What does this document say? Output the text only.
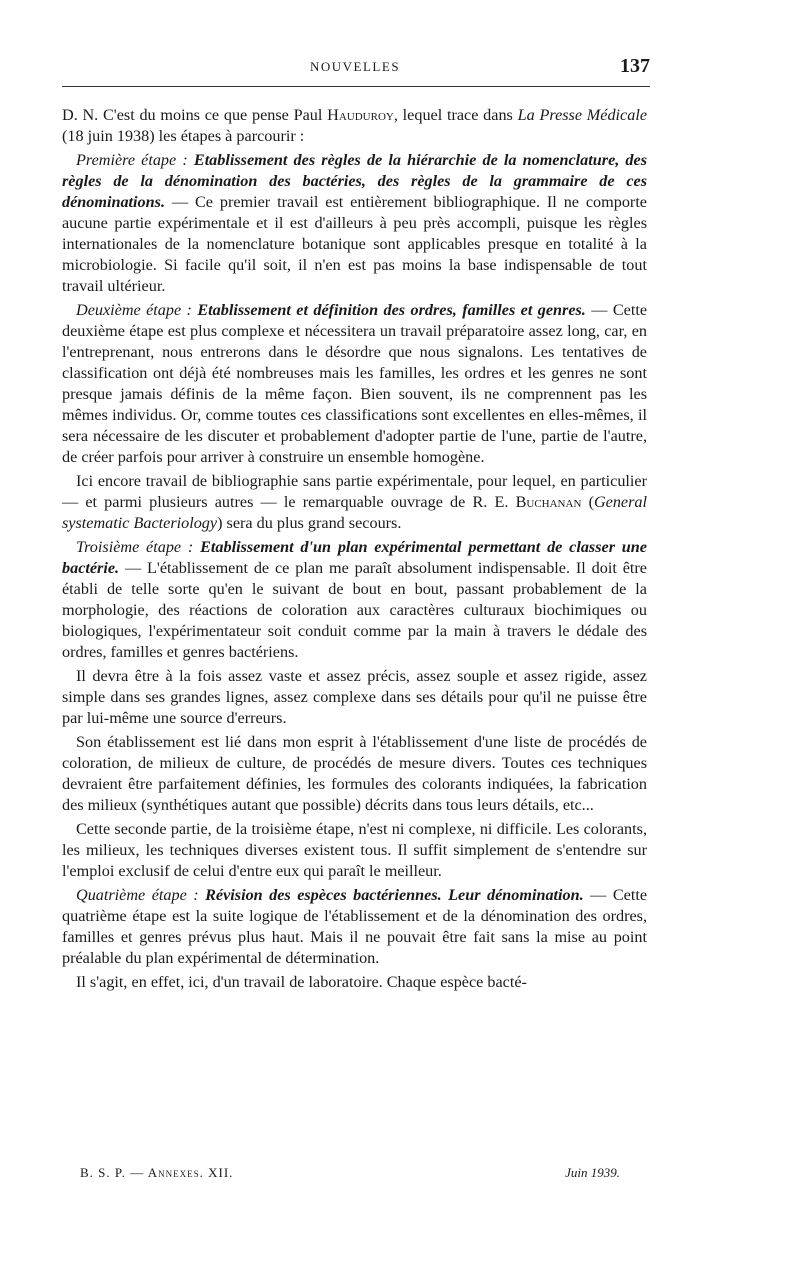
NOUVELLES	137

D. N. C'est du moins ce que pense Paul Hauduroy, lequel trace dans La Presse Médicale (18 juin 1938) les étapes à parcourir :

Première étape : Etablissement des règles de la hiérarchie de la nomenclature, des règles de la dénomination des bactéries, des règles de la grammaire de ces dénominations. — Ce premier travail est entièrement bibliographique. Il ne comporte aucune partie expérimentale et il est d'ailleurs à peu près accompli, puisque les règles internationales de la nomenclature botanique sont applicables presque en totalité à la microbiologie. Si facile qu'il soit, il n'en est pas moins la base indispensable de tout travail ultérieur.

Deuxième étape : Etablissement et définition des ordres, familles et genres. — Cette deuxième étape est plus complexe et nécessitera un travail préparatoire assez long, car, en l'entreprenant, nous entrerons dans le désordre que nous signalons. Les tentatives de classification ont déjà été nombreuses mais les familles, les ordres et les genres ne sont presque jamais définis de la même façon. Bien souvent, ils ne comprennent pas les mêmes individus. Or, comme toutes ces classifications sont excellentes en elles-mêmes, il sera nécessaire de les discuter et probablement d'adopter partie de l'une, partie de l'autre, de créer parfois pour arriver à construire un ensemble homogène.

Ici encore travail de bibliographie sans partie expérimentale, pour lequel, en particulier — et parmi plusieurs autres — le remarquable ouvrage de R. E. Buchanan (General systematic Bacteriology) sera du plus grand secours.

Troisième étape : Etablissement d'un plan expérimental permettant de classer une bactérie. — L'établissement de ce plan me paraît absolument indispensable. Il doit être établi de telle sorte qu'en le suivant de bout en bout, passant probablement de la morphologie, des réactions de coloration aux caractères culturaux biochimiques ou biologiques, l'expérimentateur soit conduit comme par la main à travers le dédale des ordres, familles et genres bactériens.

Il devra être à la fois assez vaste et assez précis, assez souple et assez rigide, assez simple dans ses grandes lignes, assez complexe dans ses détails pour qu'il ne puisse être par lui-même une source d'erreurs.

Son établissement est lié dans mon esprit à l'établissement d'une liste de procédés de coloration, de milieux de culture, de procédés de mesure divers. Toutes ces techniques devraient être parfaitement définies, les formules des colorants indiquées, la fabrication des milieux (synthétiques autant que possible) décrits dans tous leurs détails, etc...

Cette seconde partie, de la troisième étape, n'est ni complexe, ni difficile. Les colorants, les milieux, les techniques diverses existent tous. Il suffit simplement de s'entendre sur l'emploi exclusif de celui d'entre eux qui paraît le meilleur.

Quatrième étape : Révision des espèces bactériennes. Leur dénomination. — Cette quatrième étape est la suite logique de l'établissement et de la dénomination des ordres, familles et genres prévus plus haut. Mais il ne pouvait être fait sans la mise au point préalable du plan expérimental de détermination.

Il s'agit, en effet, ici, d'un travail de laboratoire. Chaque espèce bacté-

B. S. P. — Annexes. XII.	Juin 1939.
